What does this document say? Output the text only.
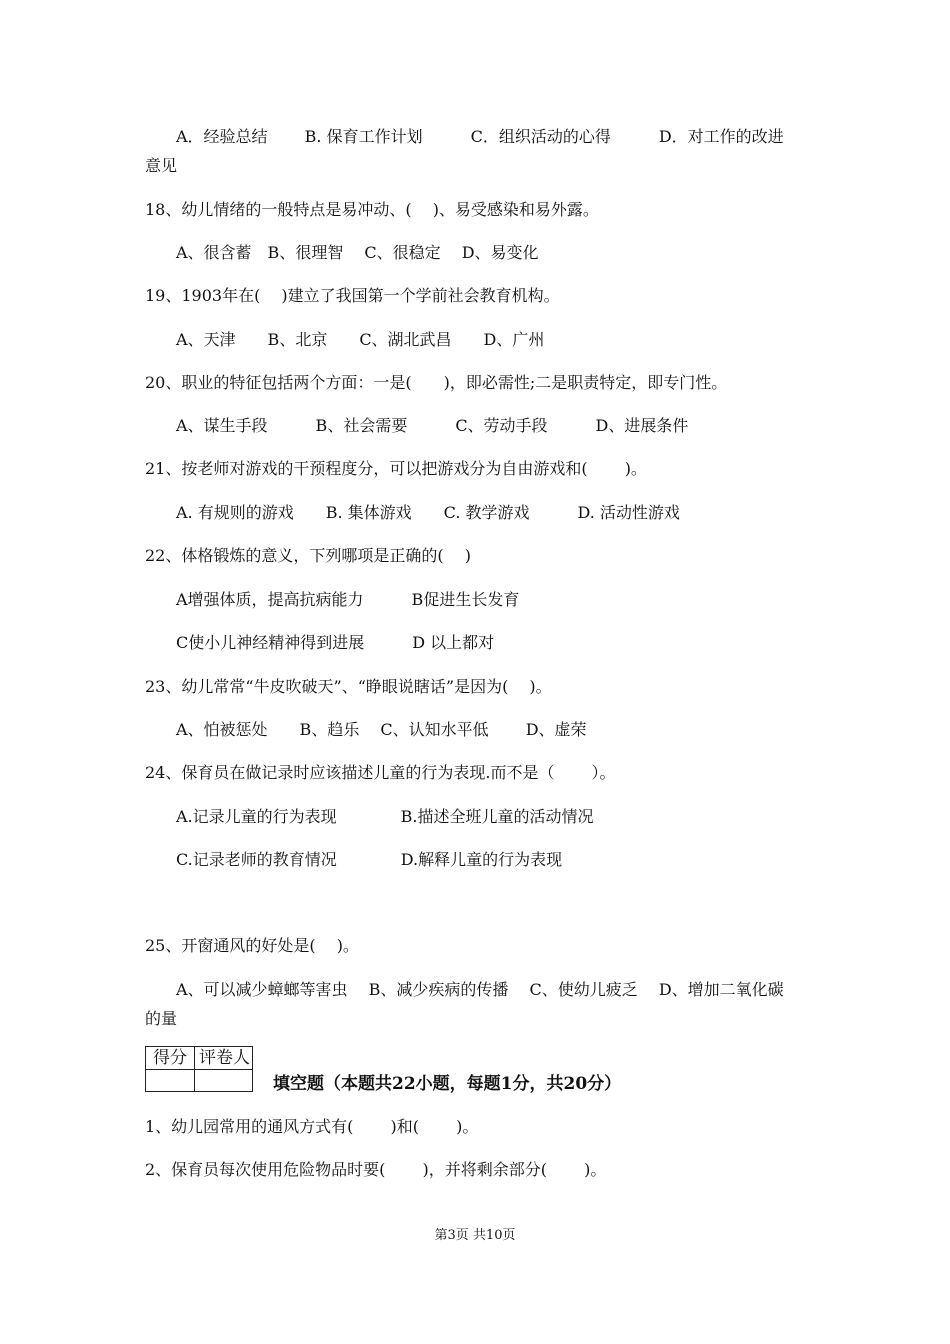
A．经验总结　　 B. 保育工作计划　　　C．组织活动的心得　　　D．对工作的改进
意见
18、幼儿情绪的一般特点是易冲动、(　 )、易受感染和易外露。
A、很含蓄　B、很理智　 C、很稳定　 D、易变化
19、1903年在(　 )建立了我国第一个学前社会教育机构。
A、天津　　B、北京　　C、湖北武昌　　D、广州
20、职业的特征包括两个方面：一是(　　)，即必需性;二是职责特定，即专门性。
A、谋生手段　　　B、社会需要　　　C、劳动手段　　　D、进展条件
21、按老师对游戏的干预程度分，可以把游戏分为自由游戏和(　　 )。
A. 有规则的游戏　　B. 集体游戏　　C. 教学游戏　　　D. 活动性游戏
22、体格锻炼的意义，下列哪项是正确的(　 )
A增强体质，提高抗病能力　　　B促进生长发育
C使小儿神经精神得到进展　　　D 以上都对
23、幼儿常常“牛皮吹破天”、“睁眼说瞎话”是因为(　 )。
A、怕被惩处　　B、趋乐　 C、认知水平低　　 D、虚荣
24、保育员在做记录时应该描述儿童的行为表现.而不是（　　 ）。
A.记录儿童的行为表现　　　　B.描述全班儿童的活动情况
C.记录老师的教育情况　　　　D.解释儿童的行为表现
25、开窗通风的好处是(　 )。
A、可以减少蟑螂等害虫　 B、减少疾病的传播　 C、使幼儿疲乏　 D、增加二氧化碳
的量
得分 评卷人
填空题（本题共22小题，每题1分，共20分）
1、幼儿园常用的通风方式有(　　 )和(　　 )。
2、保育员每次使用危险物品时要(　　 )，并将剩余部分(　　 )。
第3页 共10页
